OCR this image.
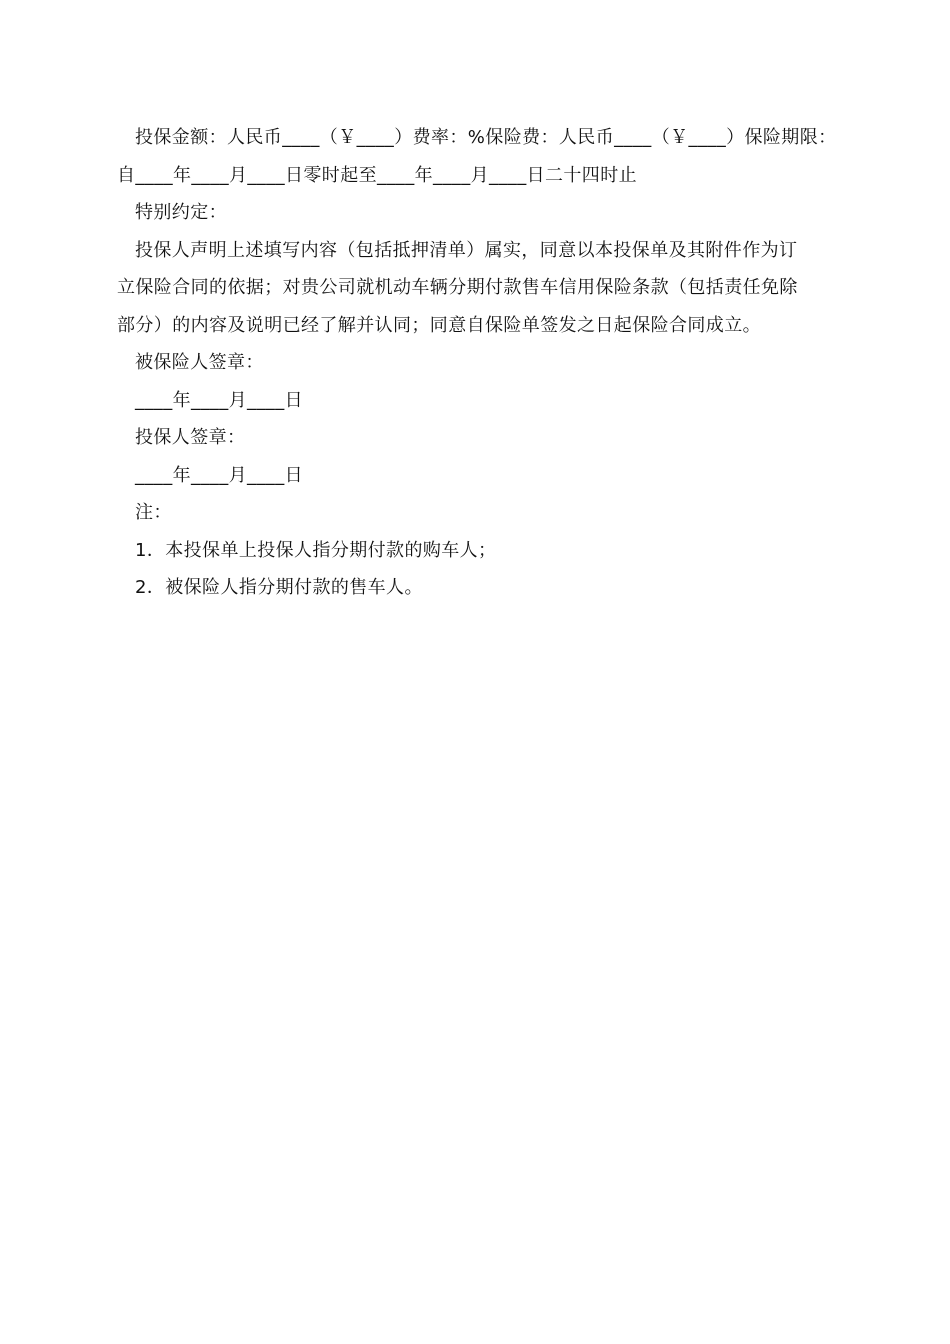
投保金额：人民币____（￥____）费率：%保险费：人民币____（￥____）保险期限：
自____年____月____日零时起至____年____月____日二十四时止
特别约定：
投保人声明上述填写内容（包括抵押清单）属实，同意以本投保单及其附件作为订
立保险合同的依据；对贵公司就机动车辆分期付款售车信用保险条款（包括责任免除
部分）的内容及说明已经了解并认同；同意自保险单签发之日起保险合同成立。
被保险人签章：
____年____月____日
投保人签章：
____年____月____日
注：
1．本投保单上投保人指分期付款的购车人；
2．被保险人指分期付款的售车人。
